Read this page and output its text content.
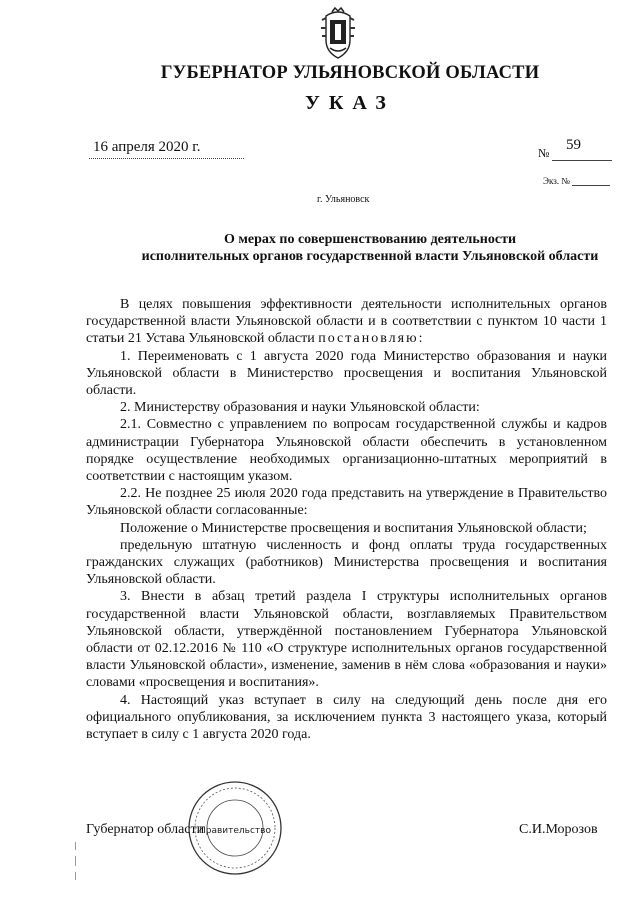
ГУБЕРНАТОР УЛЬЯНОВСКОЙ ОБЛАСТИ
УКАЗ
16 апреля 2020 г.	№ 59
Экз. №
г. Ульяновск
О мерах по совершенствованию деятельности
исполнительных органов государственной власти Ульяновской области

В целях повышения эффективности деятельности исполнительных органов государственной власти Ульяновской области и в соответствии с пунктом 10 части 1 статьи 21 Устава Ульяновской области постановляю:

1. Переименовать с 1 августа 2020 года Министерство образования и науки Ульяновской области в Министерство просвещения и воспитания Ульяновской области.

2. Министерству образования и науки Ульяновской области:

2.1. Совместно с управлением по вопросам государственной службы и кадров администрации Губернатора Ульяновской области обеспечить в установленном порядке осуществление необходимых организационно-штатных мероприятий в соответствии с настоящим указом.

2.2. Не позднее 25 июля 2020 года представить на утверждение в Правительство Ульяновской области согласованные:

Положение о Министерстве просвещения и воспитания Ульяновской области;

предельную штатную численность и фонд оплаты труда государственных гражданских служащих (работников) Министерства просвещения и воспитания Ульяновской области.

3. Внести в абзац третий раздела I структуры исполнительных органов государственной власти Ульяновской области, возглавляемых Правительством Ульяновской области, утверждённой постановлением Губернатора Ульяновской области от 02.12.2016 № 110 «О структуре исполнительных органов государственной власти Ульяновской области», изменение, заменив в нём слова «образования и науки» словами «просвещения и воспитания».

4. Настоящий указ вступает в силу на следующий день после дня его официального опубликования, за исключением пункта 3 настоящего указа, который вступает в силу с 1 августа 2020 года.

Правительство
Губернатор области	С.И.Морозов
